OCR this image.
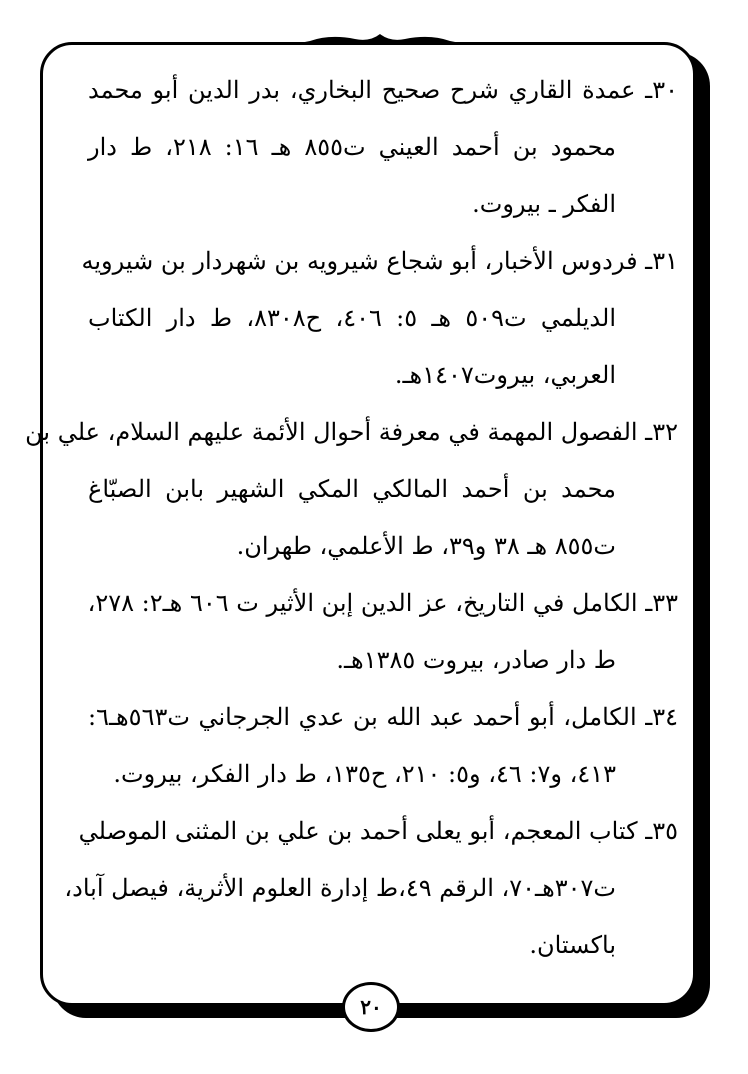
٣٠ـ عمدة القاري شرح صحيح البخاري، بدر الدين أبو محمد
محمود بن أحمد العيني ت٨٥٥ هـ ١٦: ٢١٨، ط دار
الفكر ـ بيروت.
٣١ـ فردوس الأخبار، أبو شجاع شيرويه بن شهردار بن شيرويه
الديلمي ت٥٠٩ هـ ٥: ٤٠٦، ح٨٣٠٨، ط دار الكتاب
العربي، بيروت١٤٠٧هـ.
٣٢ـ الفصول المهمة في معرفة أحوال الأئمة عليهم السلام، علي بن
محمد بن أحمد المالكي المكي الشهير بابن الصبّاغ
ت٨٥٥ هـ ٣٨ و٣٩، ط الأعلمي، طهران.
٣٣ـ الكامل في التاريخ، عز الدين إبن الأثير ت ٦٠٦ هـ٢: ٢٧٨،
ط دار صادر، بيروت ١٣٨٥هـ.
٣٤ـ الكامل، أبو أحمد عبد الله بن عدي الجرجاني ت٥٦٣هـ٦:
٤١٣، و٧: ٤٦، و٥: ٢١٠، ح١٣٥، ط دار الفكر، بيروت.
٣٥ـ كتاب المعجم، أبو يعلى أحمد بن علي بن المثنى الموصلي
ت٣٠٧هـ٧٠، الرقم ٤٩،ط إدارة العلوم الأثرية، فيصل آباد،
باكستان.
٢٠
